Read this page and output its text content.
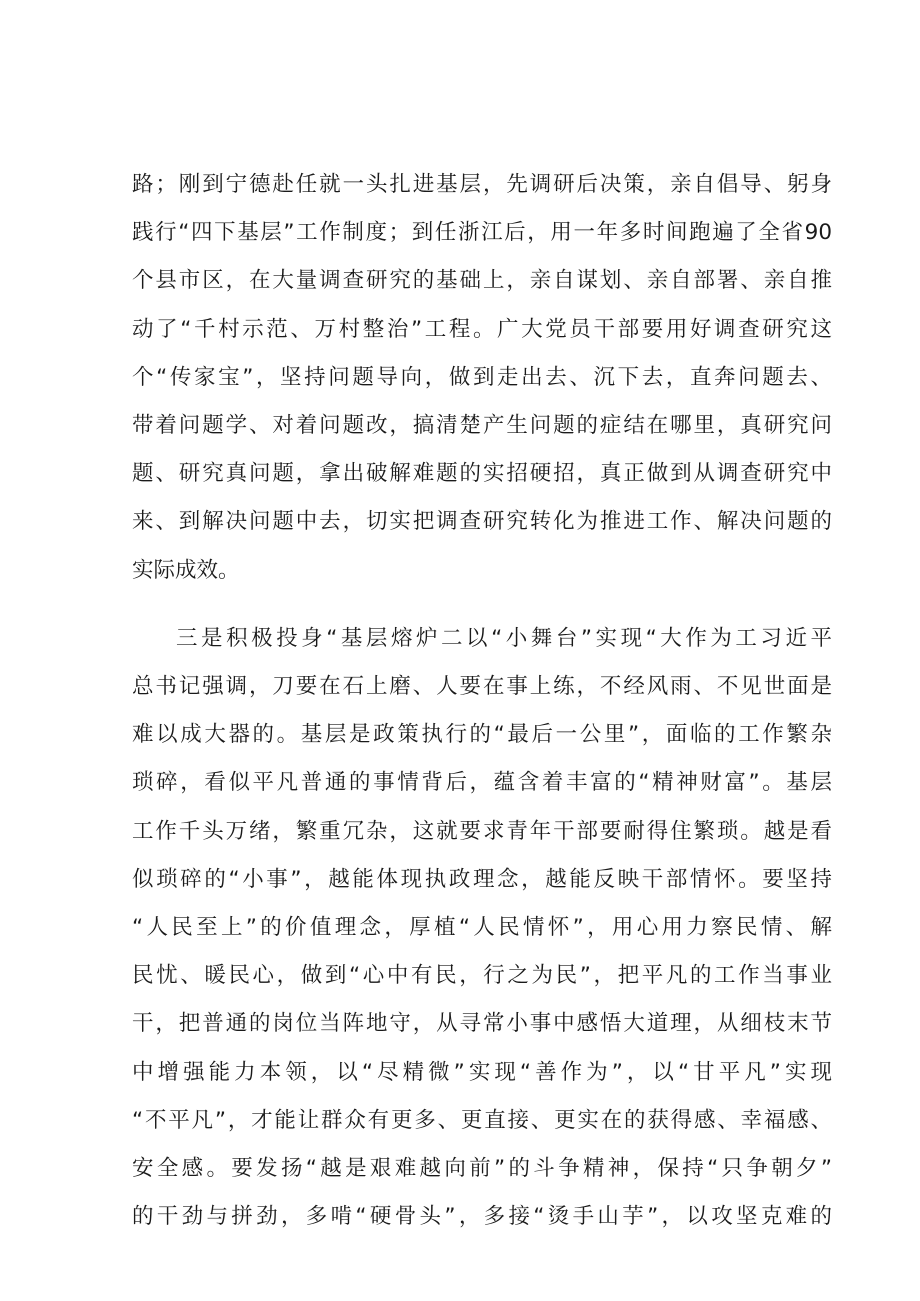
路；刚到宁德赴任就一头扎进基层，先调研后决策，亲自倡导、躬身
践行“四下基层”工作制度；到任浙江后，用一年多时间跑遍了全省90
个县市区，在大量调查研究的基础上，亲自谋划、亲自部署、亲自推
动了“千村示范、万村整治”工程。广大党员干部要用好调查研究这
个“传家宝”，坚持问题导向，做到走出去、沉下去，直奔问题去、
带着问题学、对着问题改，搞清楚产生问题的症结在哪里，真研究问
题、研究真问题，拿出破解难题的实招硬招，真正做到从调查研究中
来、到解决问题中去，切实把调查研究转化为推进工作、解决问题的
实际成效。
三是积极投身“基层熔炉二以“小舞台”实现“大作为工习近平
总书记强调，刀要在石上磨、人要在事上练，不经风雨、不见世面是
难以成大器的。基层是政策执行的“最后一公里”，面临的工作繁杂
琐碎，看似平凡普通的事情背后，蕴含着丰富的“精神财富”。基层
工作千头万绪，繁重冗杂，这就要求青年干部要耐得住繁琐。越是看
似琐碎的“小事”，越能体现执政理念，越能反映干部情怀。要坚持
“人民至上”的价值理念，厚植“人民情怀”，用心用力察民情、解
民忧、暖民心，做到“心中有民，行之为民”，把平凡的工作当事业
干，把普通的岗位当阵地守，从寻常小事中感悟大道理，从细枝末节
中增强能力本领，以“尽精微”实现“善作为”，以“甘平凡”实现
“不平凡”，才能让群众有更多、更直接、更实在的获得感、幸福感、
安全感。要发扬“越是艰难越向前”的斗争精神，保持“只争朝夕”
的干劲与拼劲，多啃“硬骨头”，多接“烫手山芋”，以攻坚克难的
